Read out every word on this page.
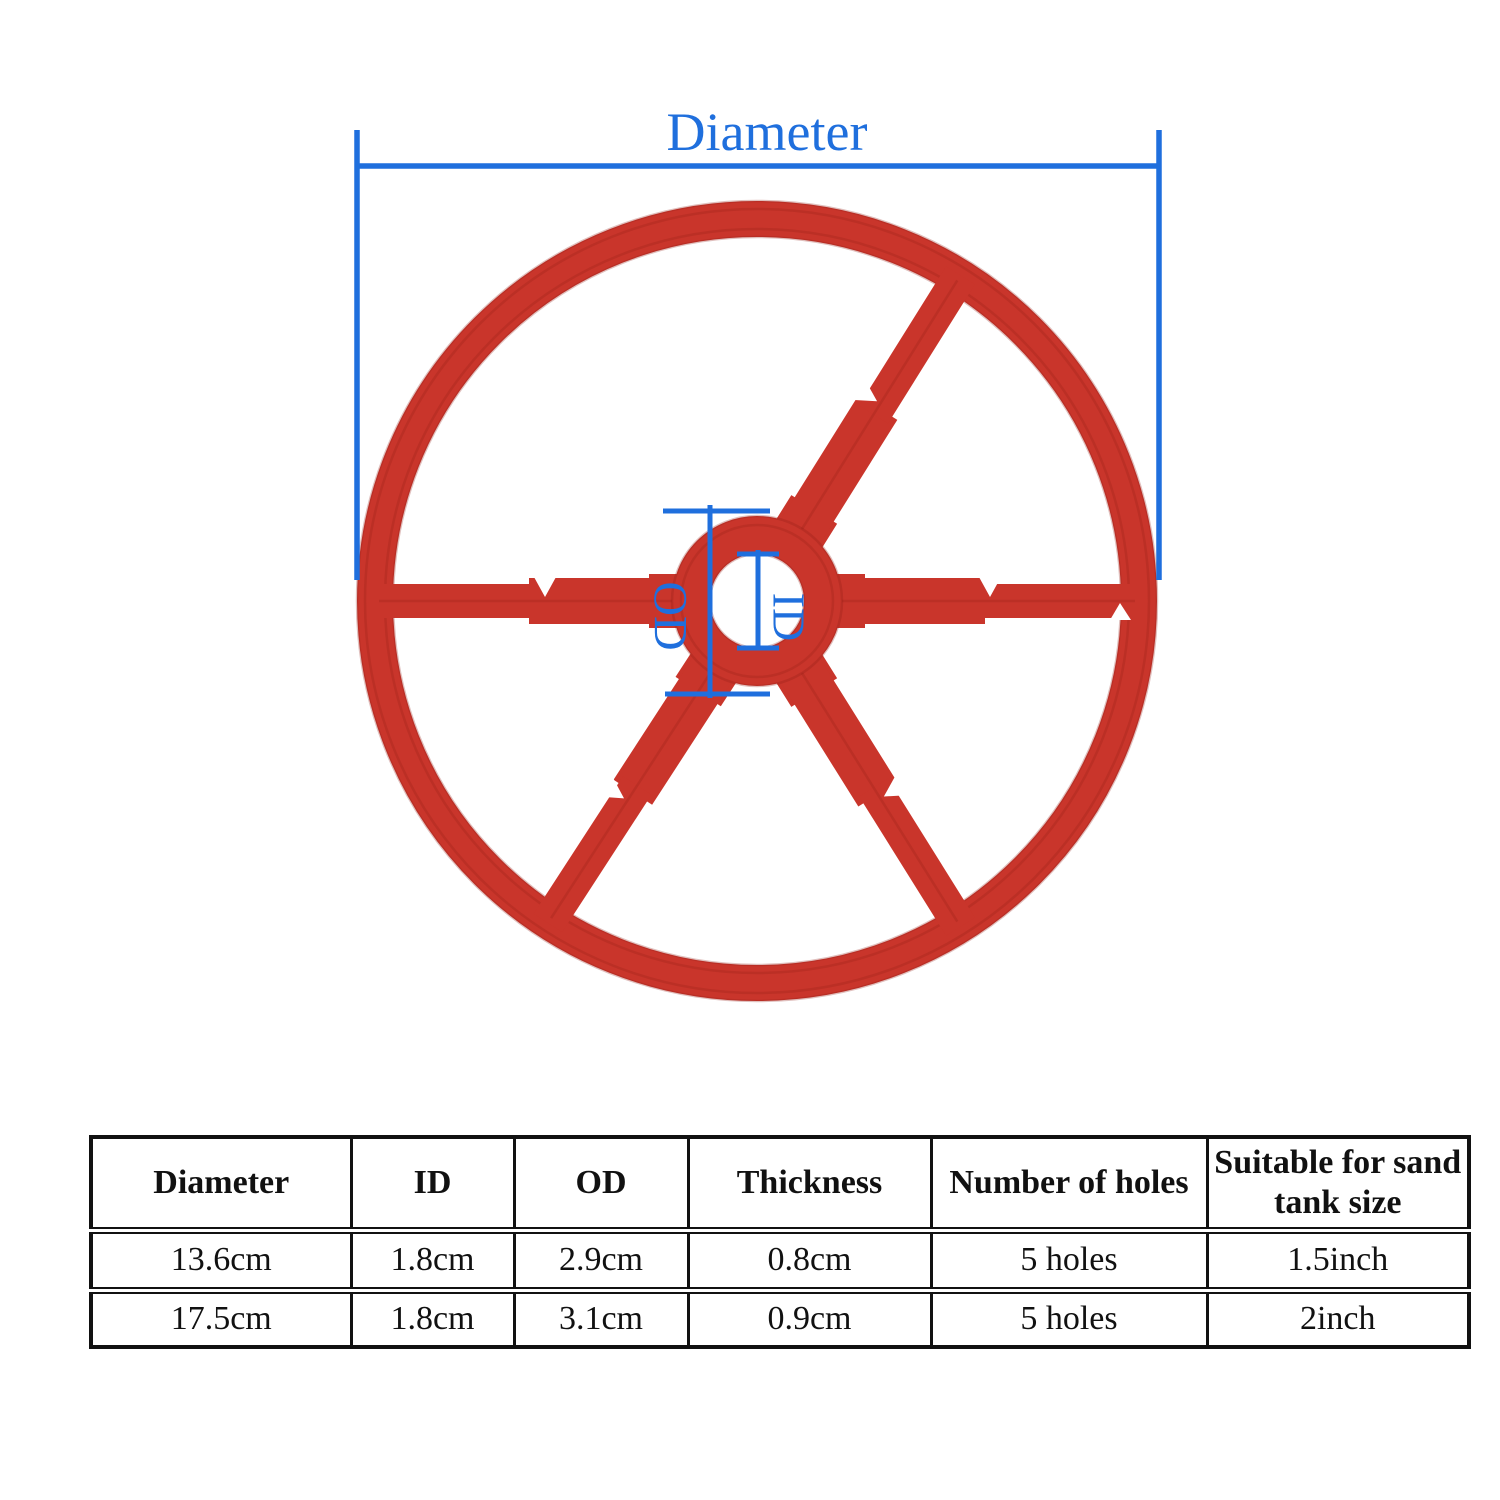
Diameter
OD ID
Diameter	ID	OD	Thickness	Number of holes	Suitable for sand tank size
13.6cm	1.8cm	2.9cm	0.8cm	5 holes	1.5inch
17.5cm	1.8cm	3.1cm	0.9cm	5 holes	2inch
